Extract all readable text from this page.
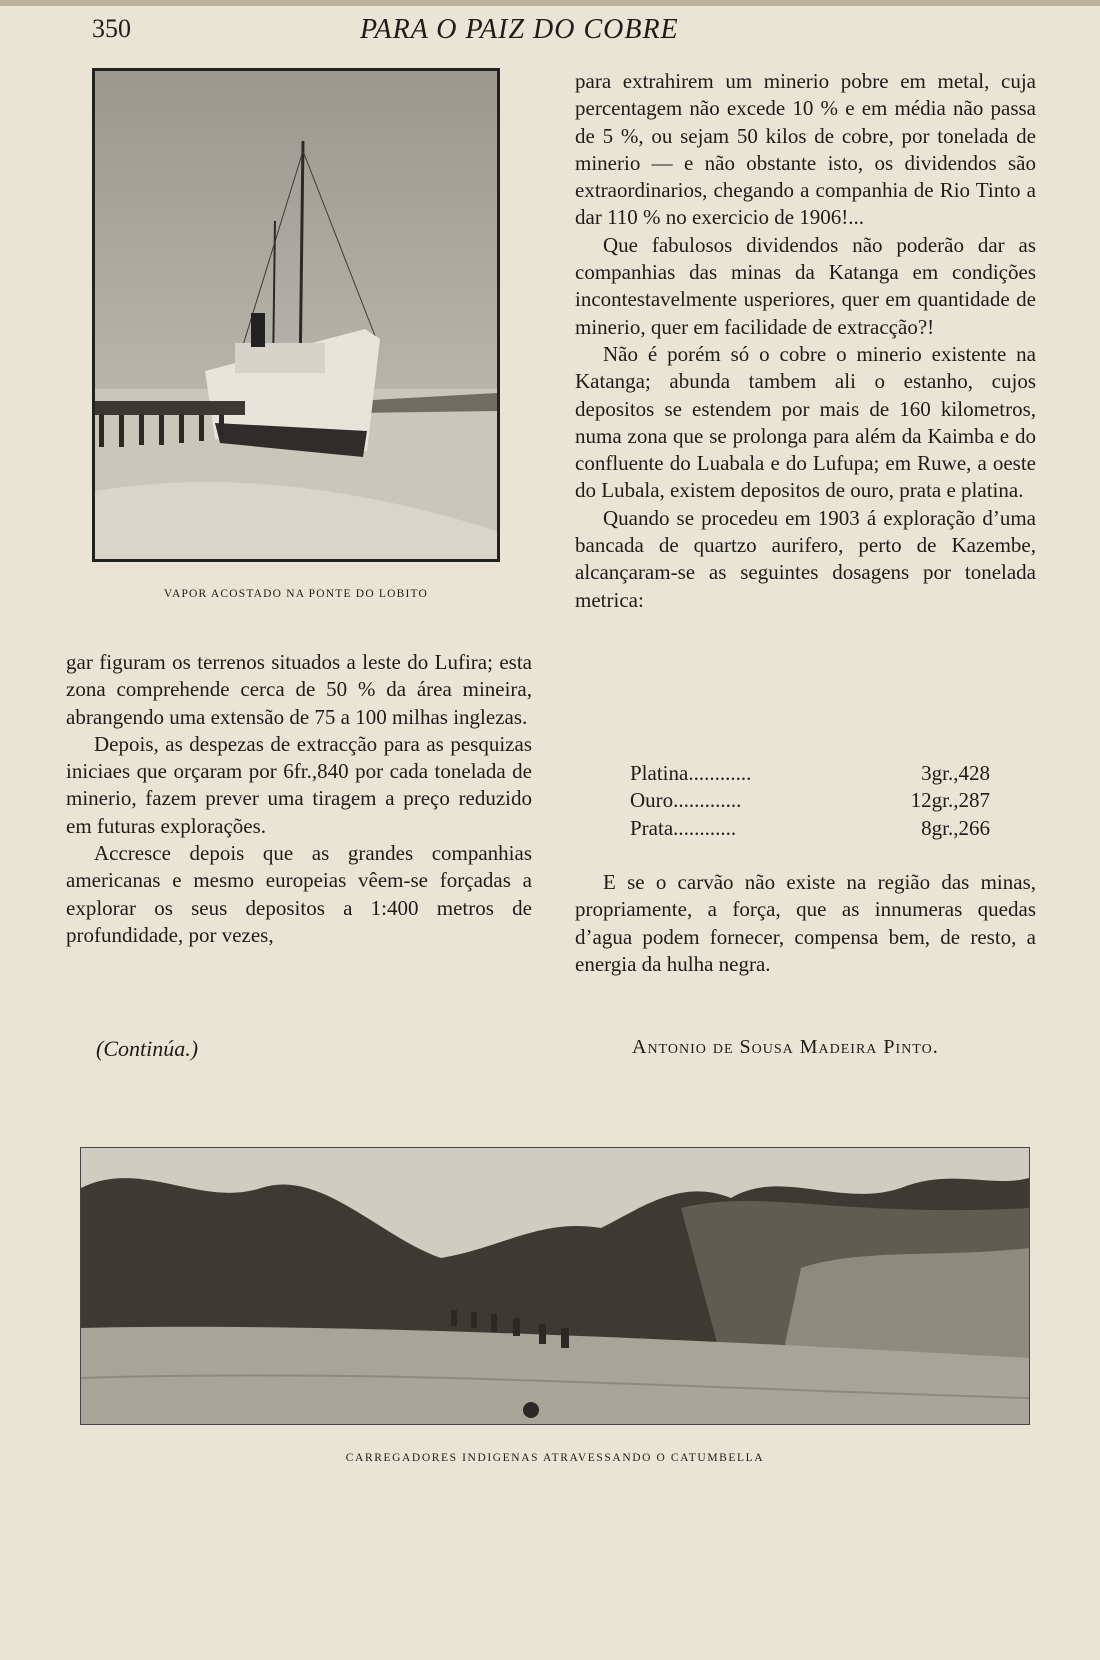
350	PARA O PAIZ DO COBRE
VAPOR ACOSTADO NA PONTE DO LOBITO

gar figuram os terrenos situados a leste do Lufira; esta zona comprehende cerca de 50 % da área mineira, abrangendo uma extensão de 75 a 100 milhas inglezas.

Depois, as despezas de extracção para as pesquizas iniciaes que orçaram por 6fr.,840 por cada tonelada de minerio, fazem prever uma tiragem a preço reduzido em futuras explorações.

Accresce depois que as grandes companhias americanas e mesmo europeias vêem-se forçadas a explorar os seus depositos a 1:400 metros de profundidade, por vezes,

para extrahirem um minerio pobre em metal, cuja percentagem não excede 10 % e em média não passa de 5 %, ou sejam 50 kilos de cobre, por tonelada de minerio — e não obstante isto, os dividendos são extraordinarios, chegando a companhia de Rio Tinto a dar 110 % no exercicio de 1906!...

Que fabulosos dividendos não poderão dar as companhias das minas da Katanga em condições incontestavelmente usperiores, quer em quantidade de minerio, quer em facilidade de extracção?!

Não é porém só o cobre o minerio existente na Katanga; abunda tambem ali o estanho, cujos depositos se estendem por mais de 160 kilometros, numa zona que se prolonga para além da Kaimba e do confluente do Luabala e do Lufupa; em Ruwe, a oeste do Lubala, existem depositos de ouro, prata e platina.

Quando se procedeu em 1903 á exploração d’uma bancada de quartzo aurifero, perto de Kazembe, alcançaram-se as seguintes dosagens por tonelada metrica:

Platina............	3gr.,428
Ouro.............	12gr.,287
Prata............	8gr.,266

E se o carvão não existe na região das minas, propriamente, a força, que as innumeras quedas d’agua podem fornecer, compensa bem, de resto, a energia da hulha negra.

(Continúa.)	Antonio de Sousa Madeira Pinto.
CARREGADORES INDIGENAS ATRAVESSANDO O CATUMBELLA
